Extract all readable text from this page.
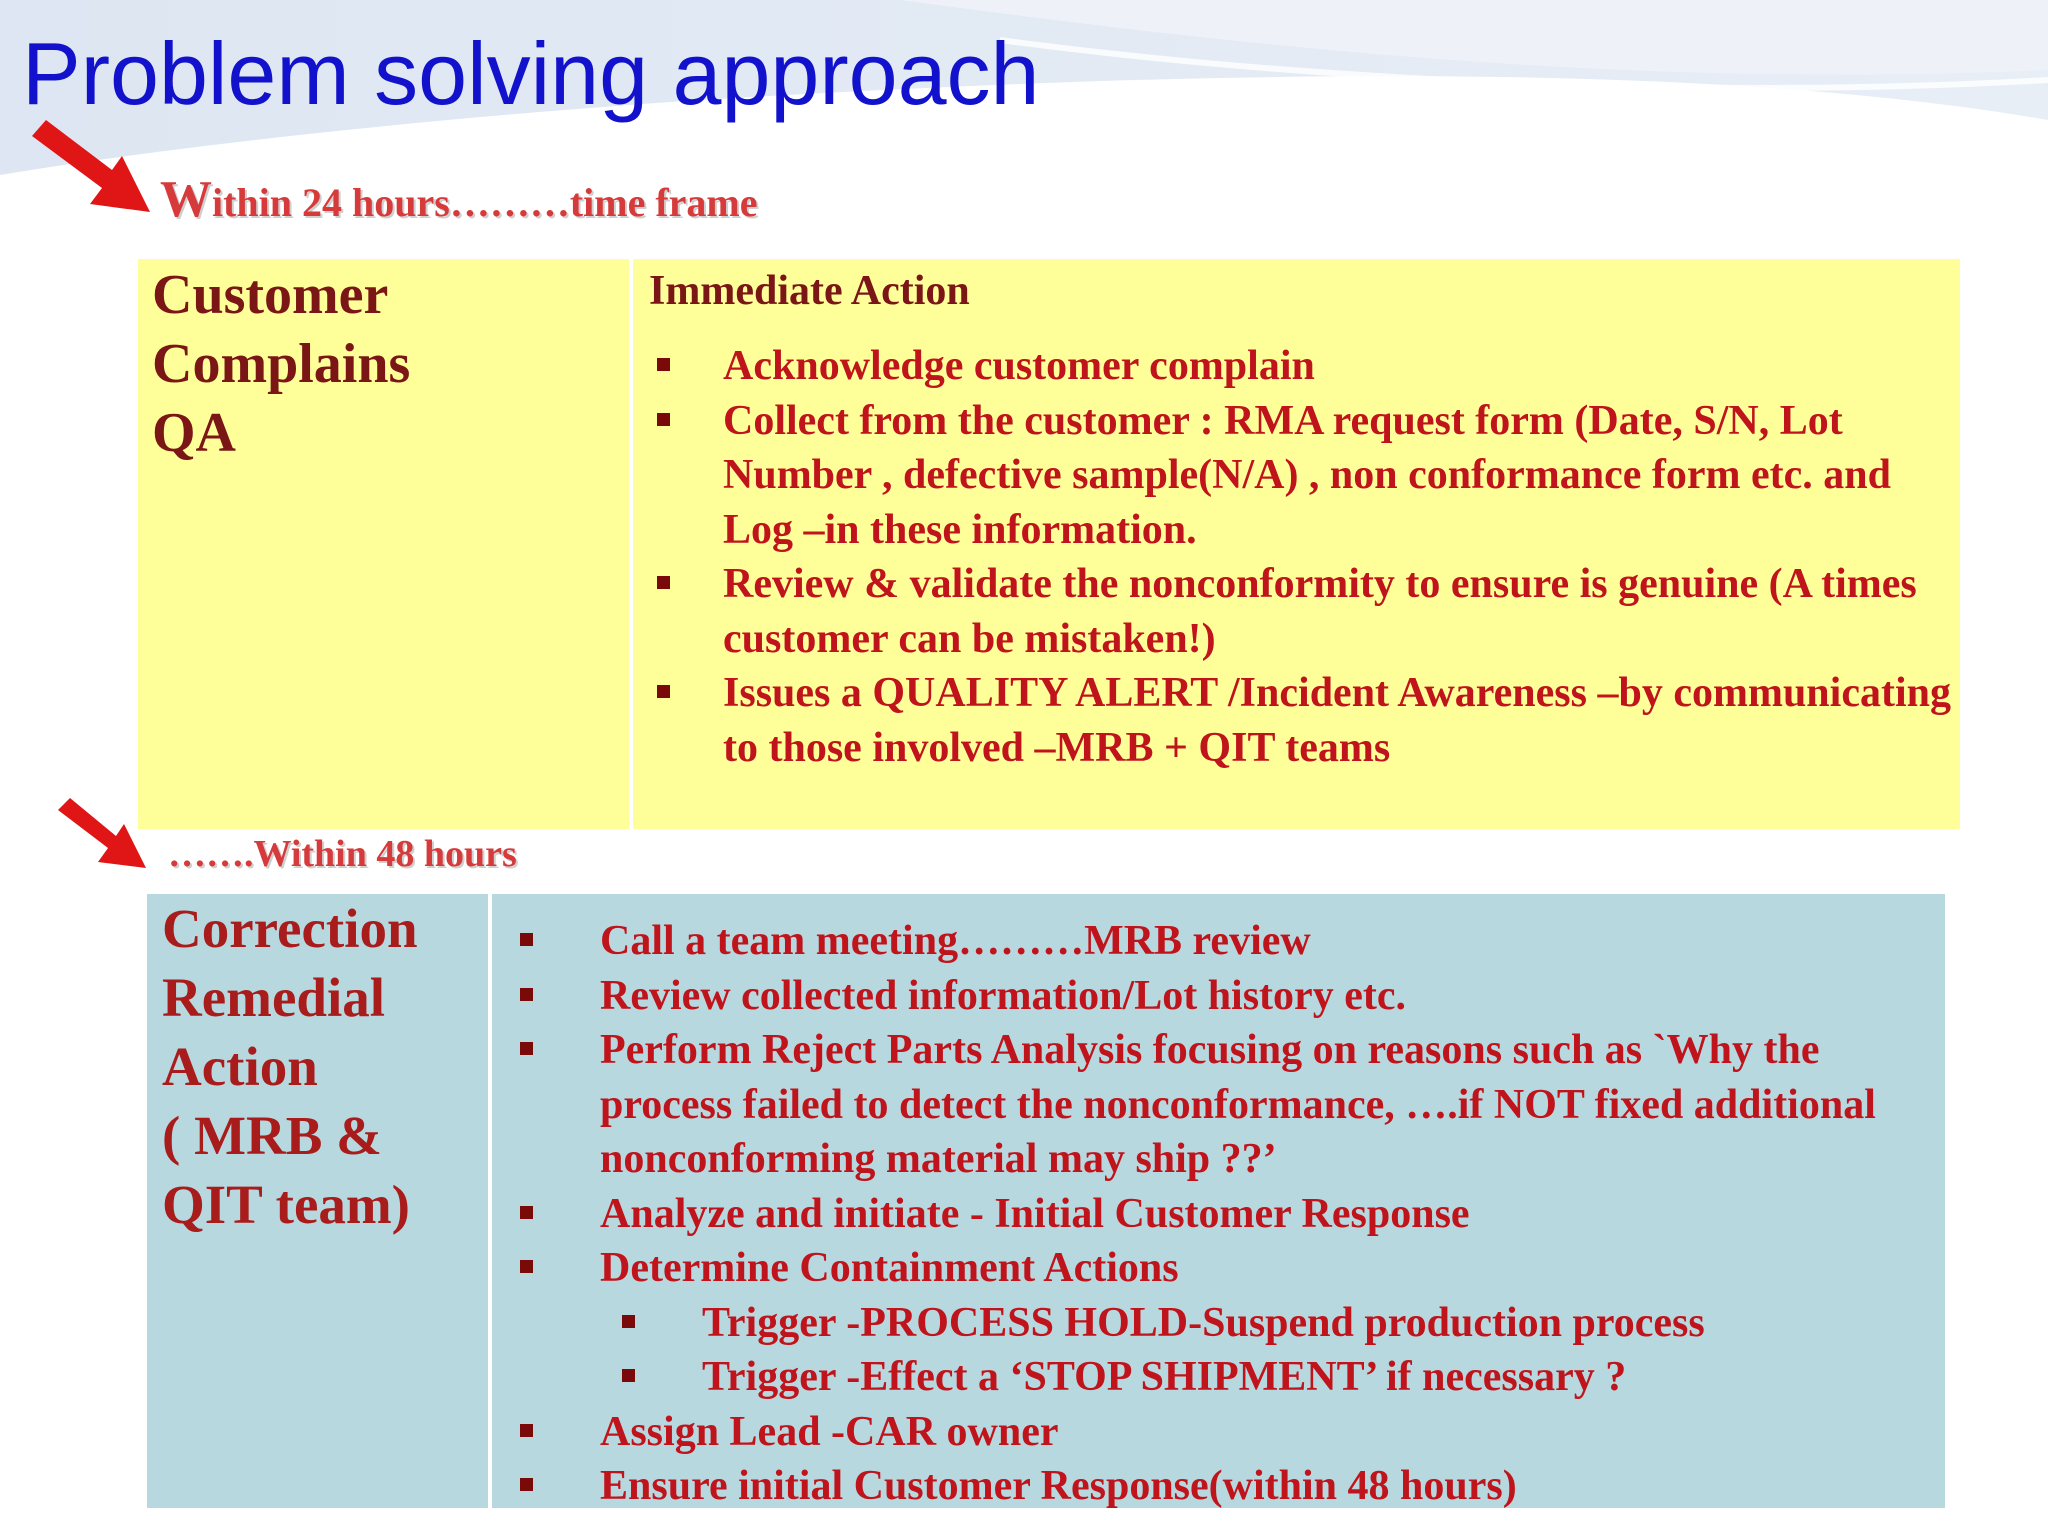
Problem solving approach
Within 24 hours………time frame

Customer
Complains
QA

Immediate Action

Acknowledge customer complain
Collect from the customer : RMA request form (Date, S/N, Lot Number , defective sample(N/A) , non conformance form etc. and Log –in these information.
Review & validate the nonconformity to ensure is genuine (A times customer can be mistaken!)
Issues a QUALITY ALERT /Incident Awareness –by communicating to those involved –MRB + QIT teams
…….Within 48 hours

Correction
Remedial
Action
( MRB &
QIT team)

Call a team meeting………MRB review
Review collected information/Lot history etc.
Perform Reject Parts Analysis focusing on reasons such as `Why the process failed to detect the nonconformance, ….if NOT fixed additional nonconforming material may ship ??’
Analyze and initiate - Initial Customer Response
Determine Containment Actions
Trigger -PROCESS HOLD-Suspend production process
Trigger -Effect a ‘STOP SHIPMENT’ if necessary ?
Assign Lead -CAR owner
Ensure initial Customer Response(within 48 hours)
